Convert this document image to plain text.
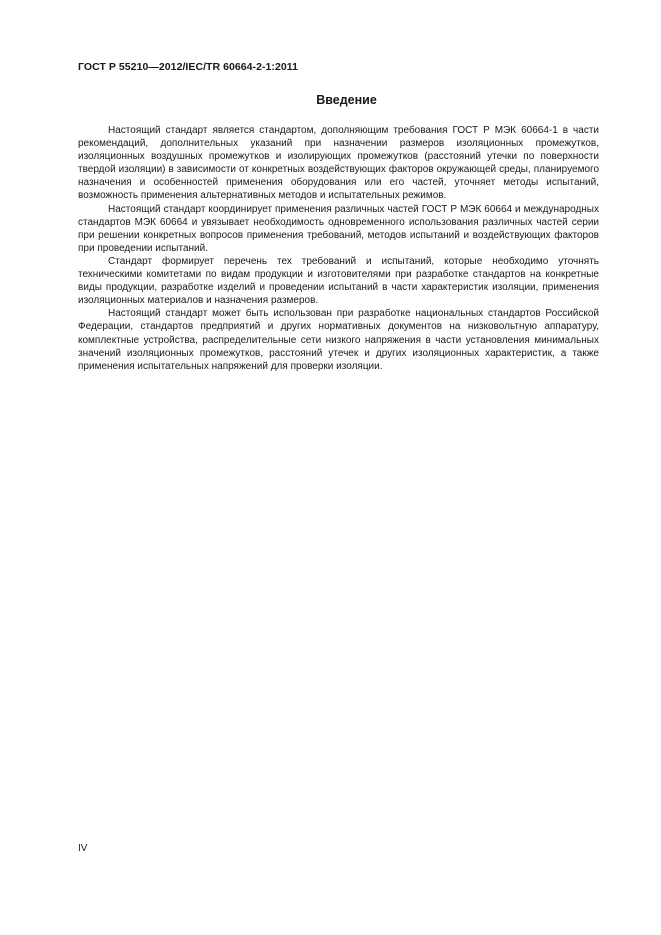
ГОСТ Р 55210—2012/IEC/TR 60664-2-1:2011
Введение

Настоящий стандарт является стандартом, дополняющим требования ГОСТ Р МЭК 60664-1 в части рекомендаций, дополнительных указаний при назначении размеров изоляционных промежутков, изоляционных воздушных промежутков и изолирующих промежутков (расстояний утечки по поверхности твердой изоляции) в зависимости от конкретных воздействующих факторов окружающей среды, планируемого назначения и особенностей применения оборудования или его частей, уточняет методы испытаний, возможность применения альтернативных методов и испытательных режимов.

Настоящий стандарт координирует применения различных частей ГОСТ Р МЭК 60664 и международных стандартов МЭК 60664 и увязывает необходимость одновременного использования различных частей серии при решении конкретных вопросов применения требований, методов испытаний и воздействующих факторов при проведении испытаний.

Стандарт формирует перечень тех требований и испытаний, которые необходимо уточнять техническими комитетами по видам продукции и изготовителями при разработке стандартов на конкретные виды продукции, разработке изделий и проведении испытаний в части характеристик изоляции, применения изоляционных материалов и назначения размеров.

Настоящий стандарт может быть использован при разработке национальных стандартов Российской Федерации, стандартов предприятий и других нормативных документов на низковольтную аппаратуру, комплектные устройства, распределительные сети низкого напряжения в части установления минимальных значений изоляционных промежутков, расстояний утечек и других изоляционных характеристик, а также применения испытательных напряжений для проверки изоляции.

IV
